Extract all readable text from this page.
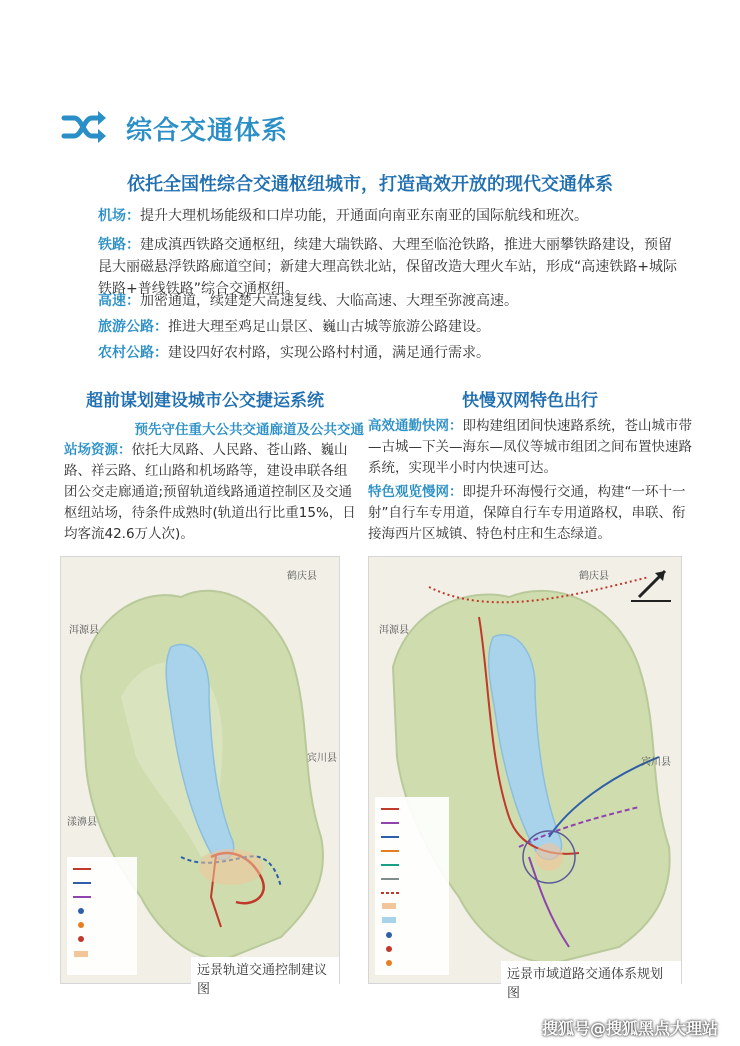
综合交通体系
依托全国性综合交通枢纽城市，打造高效开放的现代交通体系
机场：提升大理机场能级和口岸功能，开通面向南亚东南亚的国际航线和班次。
铁路：建成滇西铁路交通枢纽，续建大瑞铁路、大理至临沧铁路，推进大丽攀铁路建设，预留昆大丽磁悬浮铁路廊道空间；新建大理高铁北站，保留改造大理火车站，形成“高速铁路+城际铁路+普线铁路”综合交通枢纽。
高速：加密通道，续建楚大高速复线、大临高速、大理至弥渡高速。
旅游公路：推进大理至鸡足山景区、巍山古城等旅游公路建设。
农村公路：建设四好农村路，实现公路村村通，满足通行需求。
超前谋划建设城市公交捷运系统
预先守住重大公共交通廊道及公共交通
站场资源：依托大凤路、人民路、苍山路、巍山路、祥云路、红山路和机场路等，建设串联各组团公交走廊通道;预留轨道线路通道控制区及交通枢纽站场，待条件成熟时(轨道出行比重15%，日均客流42.6万人次)。
快慢双网特色出行
高效通勤快网：即构建组团间快速路系统，苍山城市带—古城—下关—海东—凤仪等城市组团之间布置快速路系统，实现半小时内快速可达。
特色观览慢网：即提升环海慢行交通，构建“一环十一射”自行车专用道，保障自行车专用道路权，串联、衔接海西片区城镇、特色村庄和生态绿道。
洱源县
漾濞县
鹤庆县
宾川县
远景轨道交通控制建议图
洱源县
鹤庆县
宾川县
远景市域道路交通体系规划图
搜狐号@搜狐黑点大理站
